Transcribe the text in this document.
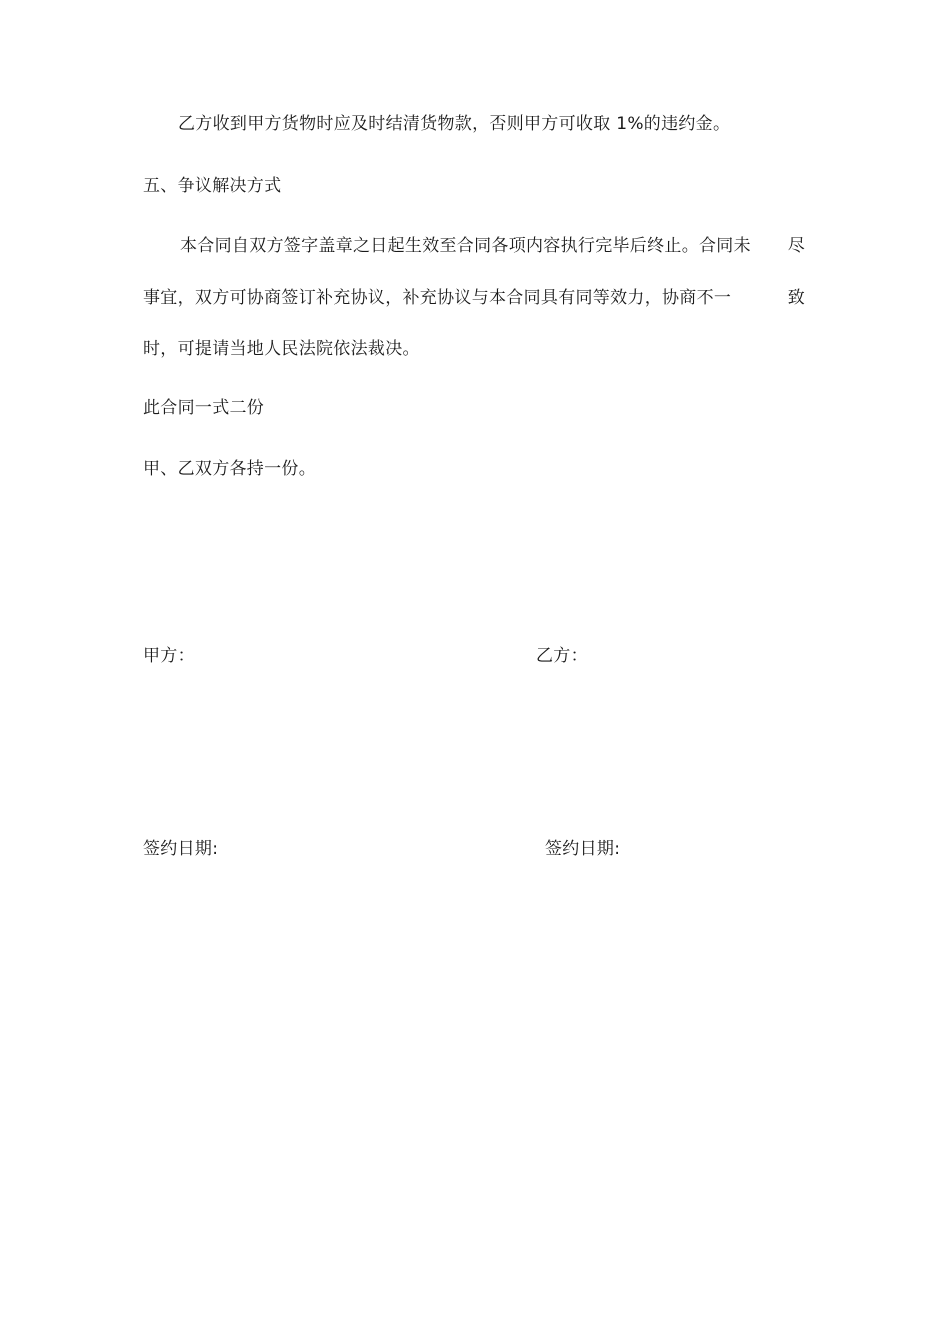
乙方收到甲方货物时应及时结清货物款，否则甲方可收取 1%的违约金。
五、争议解决方式
本合同自双方签字盖章之日起生效至合同各项内容执行完毕后终止。合同未 尽
事宜，双方可协商签订补充协议，补充协议与本合同具有同等效力，协商不一	致
时，可提请当地人民法院依法裁决。
此合同一式二份
甲、乙双方各持一份。
甲方：	乙方：
签约日期:	签约日期:
